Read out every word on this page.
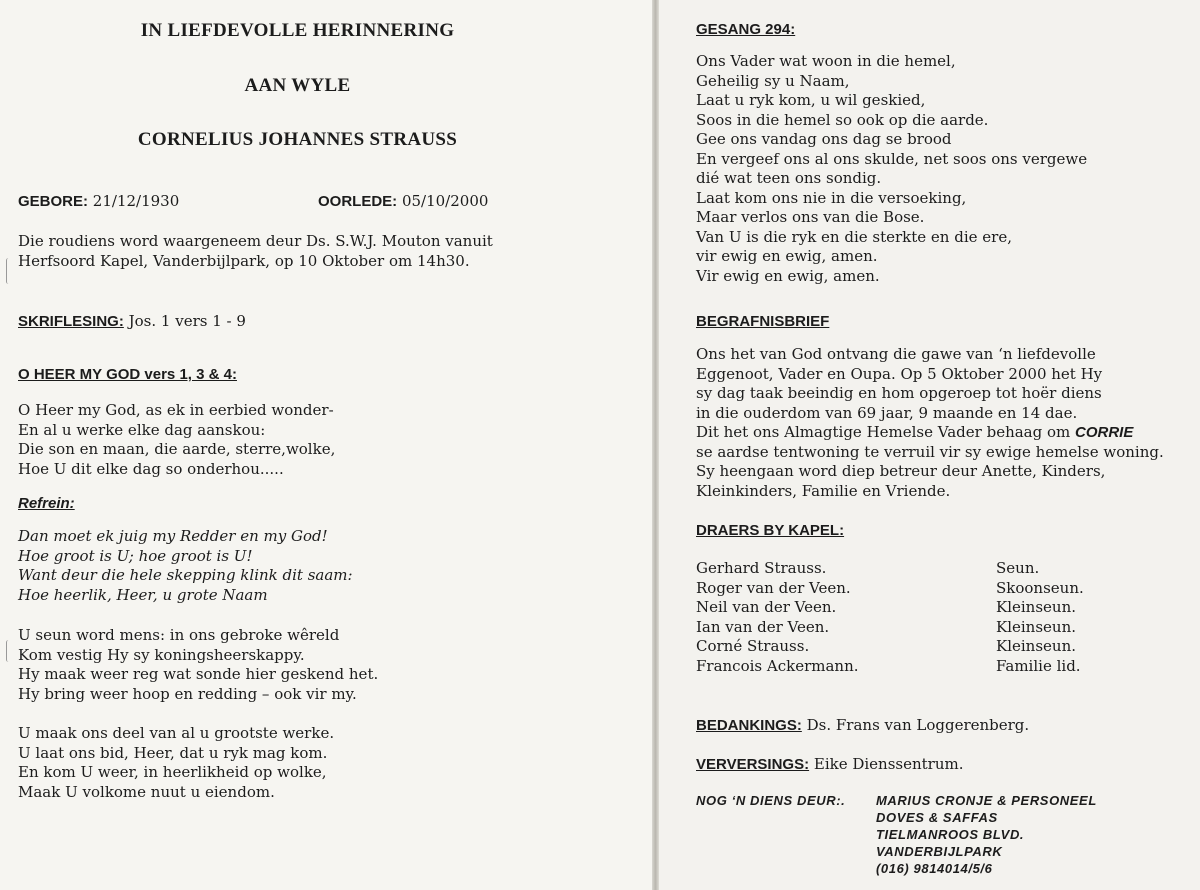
IN LIEFDEVOLLE HERINNERING
AAN WYLE
CORNELIUS JOHANNES STRAUSS
GEBORE: 21/12/1930	OORLEDE: 05/10/2000
Die roudiens word waargeneem deur Ds. S.W.J. Mouton vanuit
Herfsoord Kapel, Vanderbijlpark, op 10 Oktober om 14h30.
SKRIFLESING: Jos. 1 vers 1 - 9
O HEER MY GOD vers 1, 3 & 4:
O Heer my God, as ek in eerbied wonder-
En al u werke elke dag aanskou:
Die son en maan, die aarde, sterre,wolke,
Hoe U dit elke dag so onderhou.....
Refrein:
Dan moet ek juig my Redder en my God!
Hoe groot is U; hoe groot is U!
Want deur die hele skepping klink dit saam:
Hoe heerlik, Heer, u grote Naam
U seun word mens: in ons gebroke wêreld
Kom vestig Hy sy koningsheerskappy.
Hy maak weer reg wat sonde hier geskend het.
Hy bring weer hoop en redding – ook vir my.
U maak ons deel van al u grootste werke.
U laat ons bid, Heer, dat u ryk mag kom.
En kom U weer, in heerlikheid op wolke,
Maak U volkome nuut u eiendom.
GESANG 294:
Ons Vader wat woon in die hemel,
Geheilig sy u Naam,
Laat u ryk kom, u wil geskied,
Soos in die hemel so ook op die aarde.
Gee ons vandag ons dag se brood
En vergeef ons al ons skulde, net soos ons vergewe
dié wat teen ons sondig.
Laat kom ons nie in die versoeking,
Maar verlos ons van die Bose.
Van U is die ryk en die sterkte en die ere,
vir ewig en ewig, amen.
Vir ewig en ewig, amen.
BEGRAFNISBRIEF
Ons het van God ontvang die gawe van ‘n liefdevolle
Eggenoot, Vader en Oupa. Op 5 Oktober 2000 het Hy
sy dag taak beeindig en hom opgeroep tot hoër diens
in die ouderdom van 69 jaar, 9 maande en 14 dae.
Dit het ons Almagtige Hemelse Vader behaag om CORRIE
se aardse tentwoning te verruil vir sy ewige hemelse woning.
Sy heengaan word diep betreur deur Anette, Kinders,
Kleinkinders, Familie en Vriende.
DRAERS BY KAPEL:
Gerhard Strauss.
Roger van der Veen.
Neil van der Veen.
Ian van der Veen.
Corné Strauss.
Francois Ackermann.
Seun.
Skoonseun.
Kleinseun.
Kleinseun.
Kleinseun.
Familie lid.
BEDANKINGS: Ds. Frans van Loggerenberg.
VERVERSINGS: Eike Dienssentrum.
NOG ‘N DIENS DEUR:. MARIUS CRONJE & PERSONEEL
DOVES & SAFFAS
TIELMANROOS BLVD.
VANDERBIJLPARK
(016) 9814014/5/6
